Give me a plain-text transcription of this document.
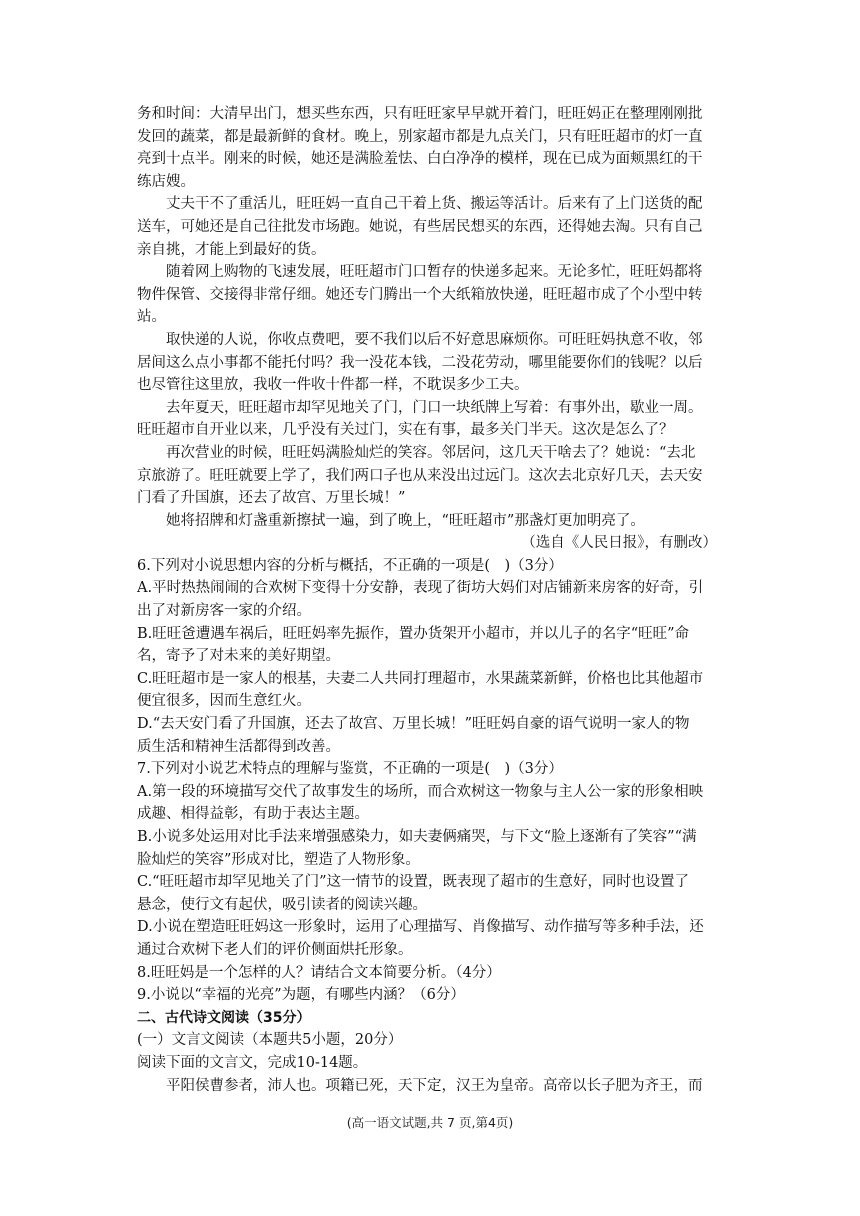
务和时间：大清早出门，想买些东西，只有旺旺家早早就开着门，旺旺妈正在整理刚刚批
发回的蔬菜，都是最新鲜的食材。晚上，别家超市都是九点关门，只有旺旺超市的灯一直
亮到十点半。刚来的时候，她还是满脸羞怯、白白净净的模样，现在已成为面颊黑红的干
练店嫂。
丈夫干不了重活儿，旺旺妈一直自己干着上货、搬运等活计。后来有了上门送货的配
送车，可她还是自己往批发市场跑。她说，有些居民想买的东西，还得她去淘。只有自己
亲自挑，才能上到最好的货。
随着网上购物的飞速发展，旺旺超市门口暂存的快递多起来。无论多忙，旺旺妈都将
物件保管、交接得非常仔细。她还专门腾出一个大纸箱放快递，旺旺超市成了个小型中转
站。
取快递的人说，你收点费吧，要不我们以后不好意思麻烦你。可旺旺妈执意不收，邻
居间这么点小事都不能托付吗？我一没花本钱，二没花劳动，哪里能要你们的钱呢？以后
也尽管往这里放，我收一件收十件都一样，不耽误多少工夫。
去年夏天，旺旺超市却罕见地关了门，门口一块纸牌上写着：有事外出，歇业一周。
旺旺超市自开业以来，几乎没有关过门，实在有事，最多关门半天。这次是怎么了？
再次营业的时候，旺旺妈满脸灿烂的笑容。邻居问，这几天干啥去了？她说：“去北
京旅游了。旺旺就要上学了，我们两口子也从来没出过远门。这次去北京好几天，去天安
门看了升国旗，还去了故宫、万里长城！”
她将招牌和灯盏重新擦拭一遍，到了晚上，“旺旺超市”那盏灯更加明亮了。
（选自《人民日报》，有删改）
6.下列对小说思想内容的分析与概括，不正确的一项是(　)（3分）
A.平时热热闹闹的合欢树下变得十分安静，表现了街坊大妈们对店铺新来房客的好奇，引
出了对新房客一家的介绍。
B.旺旺爸遭遇车祸后，旺旺妈率先振作，置办货架开小超市，并以儿子的名字“旺旺”命
名，寄予了对未来的美好期望。
C.旺旺超市是一家人的根基，夫妻二人共同打理超市，水果蔬菜新鲜，价格也比其他超市
便宜很多，因而生意红火。
D.“去天安门看了升国旗，还去了故宫、万里长城！”旺旺妈自豪的语气说明一家人的物
质生活和精神生活都得到改善。
7.下列对小说艺术特点的理解与鉴赏，不正确的一项是(　)（3分）
A.第一段的环境描写交代了故事发生的场所，而合欢树这一物象与主人公一家的形象相映
成趣、相得益彰，有助于表达主题。
B.小说多处运用对比手法来增强感染力，如夫妻俩痛哭，与下文“脸上逐渐有了笑容”“满
脸灿烂的笑容”形成对比，塑造了人物形象。
C.“旺旺超市却罕见地关了门”这一情节的设置，既表现了超市的生意好，同时也设置了
悬念，使行文有起伏，吸引读者的阅读兴趣。
D.小说在塑造旺旺妈这一形象时，运用了心理描写、肖像描写、动作描写等多种手法，还
通过合欢树下老人们的评价侧面烘托形象。
8.旺旺妈是一个怎样的人？请结合文本简要分析。（4分）
9.小说以“幸福的光亮”为题，有哪些内涵？（6分）
二、古代诗文阅读（35分）
(一）文言文阅读（本题共5小题，20分）
阅读下面的文言文，完成10-14题。
平阳侯曹参者，沛人也。项籍已死，天下定，汉王为皇帝。高帝以长子肥为齐王，而
(高一语文试题,共 7 页,第4页)
